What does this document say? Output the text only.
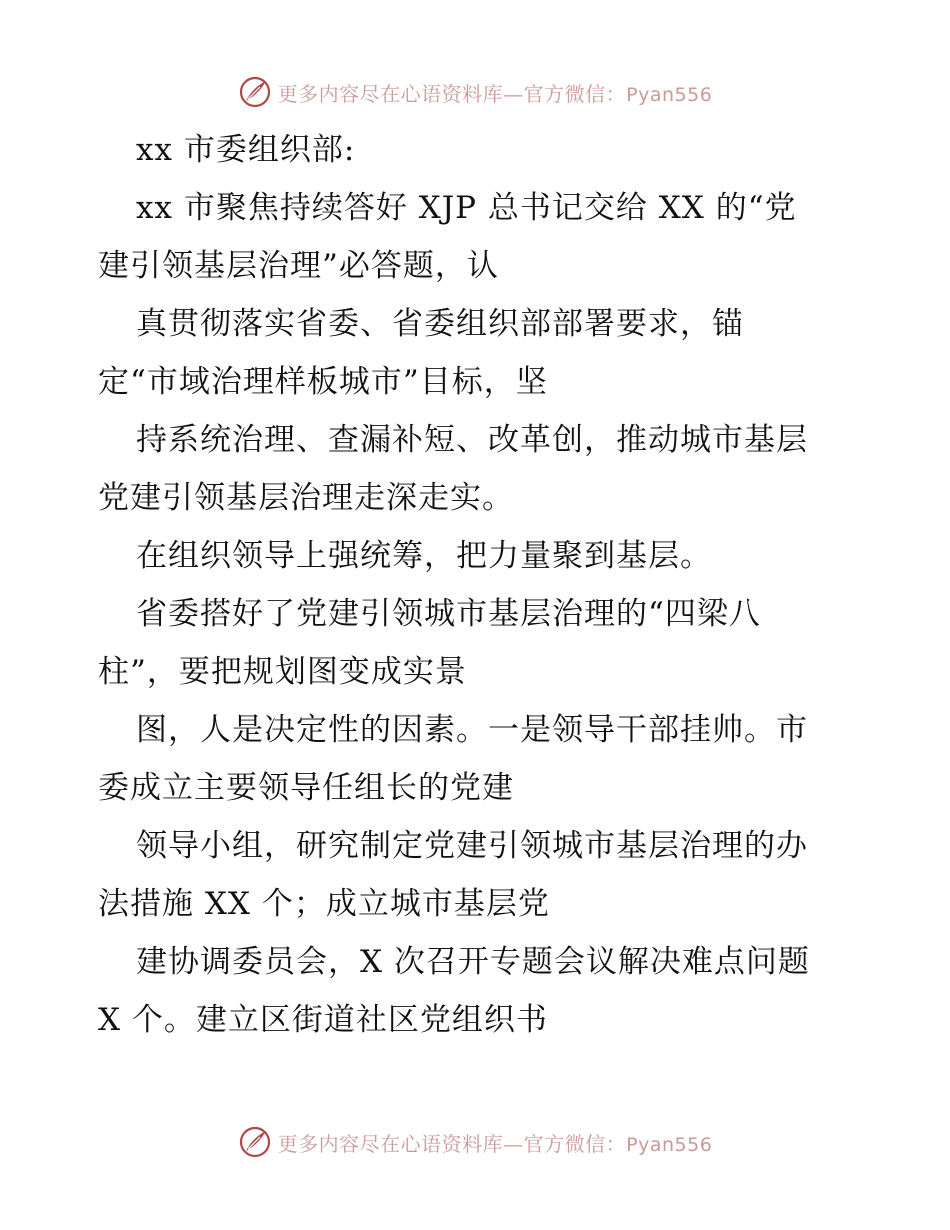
更多内容尽在心语资料库—官方微信：Pyan556
xx 市委组织部:
xx 市聚焦持续答好 XJP 总书记交给 XX 的“党
建引领基层治理”必答题，认
真贯彻落实省委、省委组织部部署要求，锚
定“市域治理样板城市”目标，坚
持系统治理、查漏补短、改革创，推动城市基层
党建引领基层治理走深走实。
在组织领导上强统筹，把力量聚到基层。
省委搭好了党建引领城市基层治理的“四梁八
柱”，要把规划图变成实景
图，人是决定性的因素。一是领导干部挂帅。市
委成立主要领导任组长的党建
领导小组，研究制定党建引领城市基层治理的办
法措施 XX 个；成立城市基层党
建协调委员会，X 次召开专题会议解决难点问题
X 个。建立区街道社区党组织书
更多内容尽在心语资料库—官方微信：Pyan556
